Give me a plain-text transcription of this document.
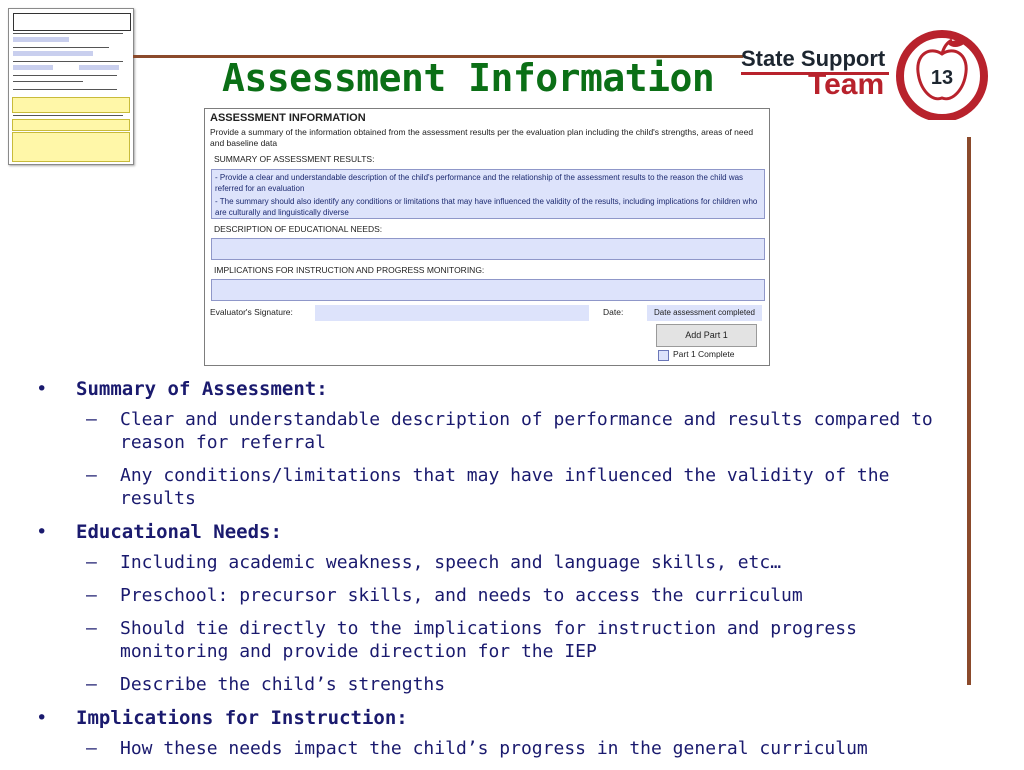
Assessment Information State Support
Team 13
ASSESSMENT INFORMATION
Provide a summary of the information obtained from the assessment results per the evaluation plan including the child's strengths, areas of need and baseline data
SUMMARY OF ASSESSMENT RESULTS:
- Provide a clear and understandable description of the child's performance and the relationship of the assessment results to the reason the child was referred for an evaluation
- The summary should also identify any conditions or limitations that may have influenced the validity of the results, including implications for children who are culturally and linguistically diverse
DESCRIPTION OF EDUCATIONAL NEEDS:
IMPLICATIONS FOR INSTRUCTION AND PROGRESS MONITORING:
Evaluator's Signature:	Date:	Date assessment completed
Add Part 1
Part 1 Complete
• Summary of Assessment:
– Clear and understandable description of performance and results compared to reason for referral
– Any conditions/limitations that may have influenced the validity of the results
• Educational Needs:
– Including academic weakness, speech and language skills, etc…
– Preschool: precursor skills, and needs to access the curriculum
– Should tie directly to the implications for instruction and progress monitoring and provide direction for the IEP
– Describe the child’s strengths
• Implications for Instruction:
– How these needs impact the child’s progress in the general curriculum
